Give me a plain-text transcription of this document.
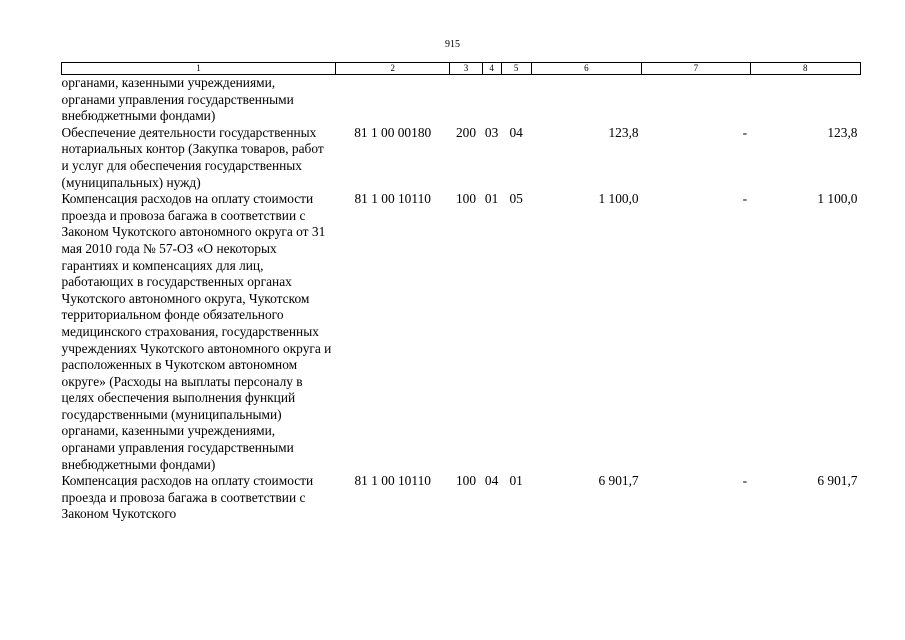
915
1	2	3	4	5	6	7	8
органами, казенными учреждениями, органами управления государственными внебюджетными фондами)							
Обеспечение деятельности государственных нотариальных контор (Закупка товаров, работ и услуг для обеспечения государственных (муниципальных) нужд)	81 1 00 00180	200	03	04	123,8	-	123,8
Компенсация расходов на оплату стоимости проезда и провоза багажа в соответствии с Законом Чукотского автономного округа от 31 мая 2010 года № 57-ОЗ «О некоторых гарантиях и компенсациях для лиц, работающих в государственных органах Чукотского автономного округа, Чукотском территориальном фонде обязательного медицинского страхования, государственных учреждениях Чукотского автономного округа и расположенных в Чукотском автономном округе» (Расходы на выплаты персоналу в целях обеспечения выполнения функций государственными (муниципальными) органами, казенными учреждениями, органами управления государственными внебюджетными фондами)	81 1 00 10110	100	01	05	1 100,0	-	1 100,0
Компенсация расходов на оплату стоимости проезда и провоза багажа в соответствии с Законом Чукотского	81 1 00 10110	100	04	01	6 901,7	-	6 901,7
